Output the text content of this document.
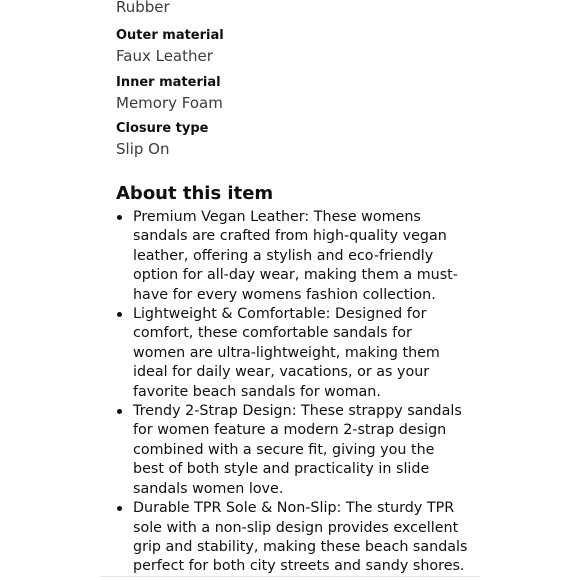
Rubber
Outer material
Faux Leather
Inner material
Memory Foam
Closure type
Slip On
About this item
Premium Vegan Leather: These womens sandals are crafted from high-quality vegan leather, offering a stylish and eco-friendly option for all-day wear, making them a must-have for every womens fashion collection.
Lightweight & Comfortable: Designed for comfort, these comfortable sandals for women are ultra-lightweight, making them ideal for daily wear, vacations, or as your favorite beach sandals for woman.
Trendy 2-Strap Design: These strappy sandals for women feature a modern 2-strap design combined with a secure fit, giving you the best of both style and practicality in slide sandals women love.
Durable TPR Sole & Non-Slip: The sturdy TPR sole with a non-slip design provides excellent grip and stability, making these beach sandals perfect for both city streets and sandy shores.
